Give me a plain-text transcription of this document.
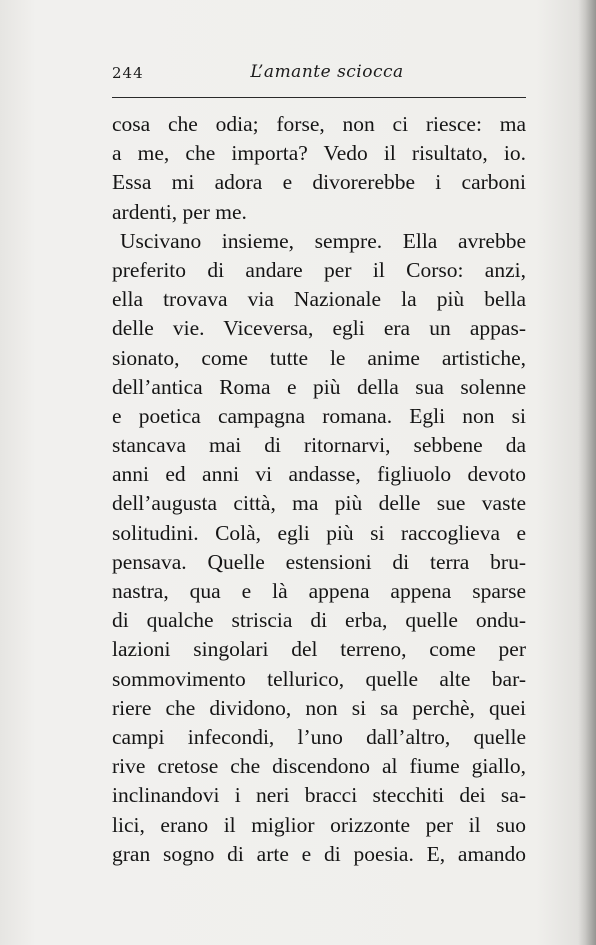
244	L’amante sciocca
cosa che odia; forse, non ci riesce: ma
a me, che importa? Vedo il risultato, io.
Essa mi adora e divorerebbe i carboni
ardenti, per me.
Uscivano insieme, sempre. Ella avrebbe
preferito di andare per il Corso: anzi,
ella trovava via Nazionale la più bella
delle vie. Viceversa, egli era un appas-
sionato, come tutte le anime artistiche,
dell’antica Roma e più della sua solenne
e poetica campagna romana. Egli non si
stancava mai di ritornarvi, sebbene da
anni ed anni vi andasse, figliuolo devoto
dell’augusta città, ma più delle sue vaste
solitudini. Colà, egli più si raccoglieva e
pensava. Quelle estensioni di terra bru-
nastra, qua e là appena appena sparse
di qualche striscia di erba, quelle ondu-
lazioni singolari del terreno, come per
sommovimento tellurico, quelle alte bar-
riere che dividono, non si sa perchè, quei
campi infecondi, l’uno dall’altro, quelle
rive cretose che discendono al fiume giallo,
inclinandovi i neri bracci stecchiti dei sa-
lici, erano il miglior orizzonte per il suo
gran sogno di arte e di poesia. E, amando
